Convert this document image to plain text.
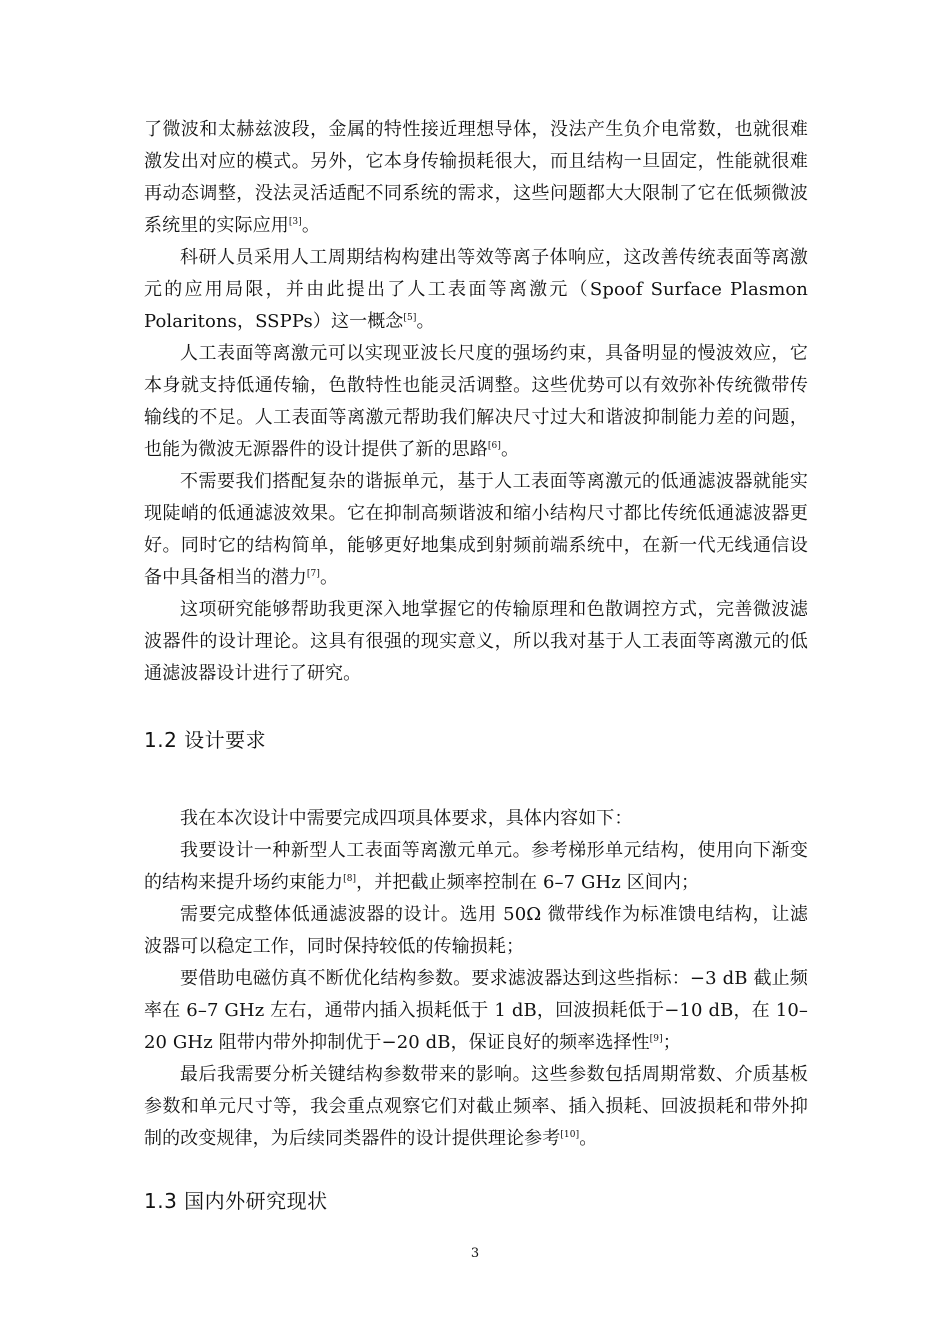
了微波和太赫兹波段，金属的特性接近理想导体，没法产生负介电常数，也就很难激发出对应的模式。另外，它本身传输损耗很大，而且结构一旦固定，性能就很难再动态调整，没法灵活适配不同系统的需求，这些问题都大大限制了它在低频微波系统里的实际应用[3]。

科研人员采用人工周期结构构建出等效等离子体响应，这改善传统表面等离激元的应用局限，并由此提出了人工表面等离激元（Spoof Surface Plasmon Polaritons，SSPPs）这一概念[5]。

人工表面等离激元可以实现亚波长尺度的强场约束，具备明显的慢波效应，它本身就支持低通传输，色散特性也能灵活调整。这些优势可以有效弥补传统微带传输线的不足。人工表面等离激元帮助我们解决尺寸过大和谐波抑制能力差的问题，也能为微波无源器件的设计提供了新的思路[6]。

不需要我们搭配复杂的谐振单元，基于人工表面等离激元的低通滤波器就能实现陡峭的低通滤波效果。它在抑制高频谐波和缩小结构尺寸都比传统低通滤波器更好。同时它的结构简单，能够更好地集成到射频前端系统中，在新一代无线通信设备中具备相当的潜力[7]。

这项研究能够帮助我更深入地掌握它的传输原理和色散调控方式，完善微波滤波器件的设计理论。这具有很强的现实意义，所以我对基于人工表面等离激元的低通滤波器设计进行了研究。

1.2 设计要求

我在本次设计中需要完成四项具体要求，具体内容如下：

我要设计一种新型人工表面等离激元单元。参考梯形单元结构，使用向下渐变的结构来提升场约束能力[8]，并把截止频率控制在 6–7 GHz 区间内；

需要完成整体低通滤波器的设计。选用 50Ω 微带线作为标准馈电结构，让滤波器可以稳定工作，同时保持较低的传输损耗；

要借助电磁仿真不断优化结构参数。要求滤波器达到这些指标：−3 dB 截止频率在 6–7 GHz 左右，通带内插入损耗低于 1 dB，回波损耗低于−10 dB，在 10–20 GHz 阻带内带外抑制优于−20 dB，保证良好的频率选择性[9]；

最后我需要分析关键结构参数带来的影响。这些参数包括周期常数、介质基板参数和单元尺寸等，我会重点观察它们对截止频率、插入损耗、回波损耗和带外抑制的改变规律，为后续同类器件的设计提供理论参考[10]。

1.3 国内外研究现状
3
